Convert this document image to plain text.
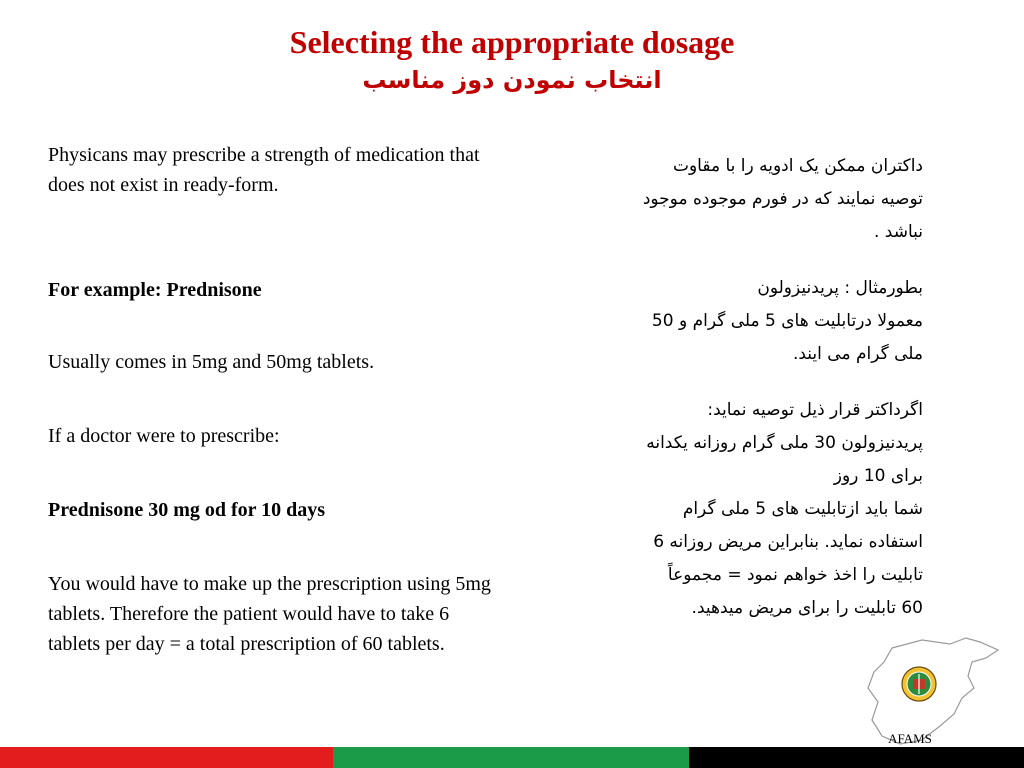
Selecting the appropriate dosage
انتخاب نمودن دوز مناسب

Physicans may prescribe a strength of medication that does not exist in ready-form.

For example: Prednisone

Usually comes in 5mg and 50mg tablets.

If a doctor were to prescribe:

Prednisone 30 mg od for 10 days

You would have to make up the prescription using 5mg tablets. Therefore the patient would have to take 6 tablets per day = a total prescription of 60 tablets.

داکتران ممکن یک ادویه را با مقاوت
توصیه نمایند که در فورم موجوده موجود
نباشد .

بطورمثال : پریدنیزولون
معمولا درتابلیت های 5 ملی گرام و 50
ملی گرام می ایند.

اگرداکتر قرار ذیل توصیه نماید:
پریدنیزولون 30 ملی گرام روزانه یکدانه
برای 10 روز
شما باید ازتابلیت های 5 ملی گرام
استفاده نماید. بنابراین مریض روزانه 6
تابلیت را اخذ خواهم نمود = مجموعاً
60 تابلیت را برای مریض میدهید.

AFAMS
